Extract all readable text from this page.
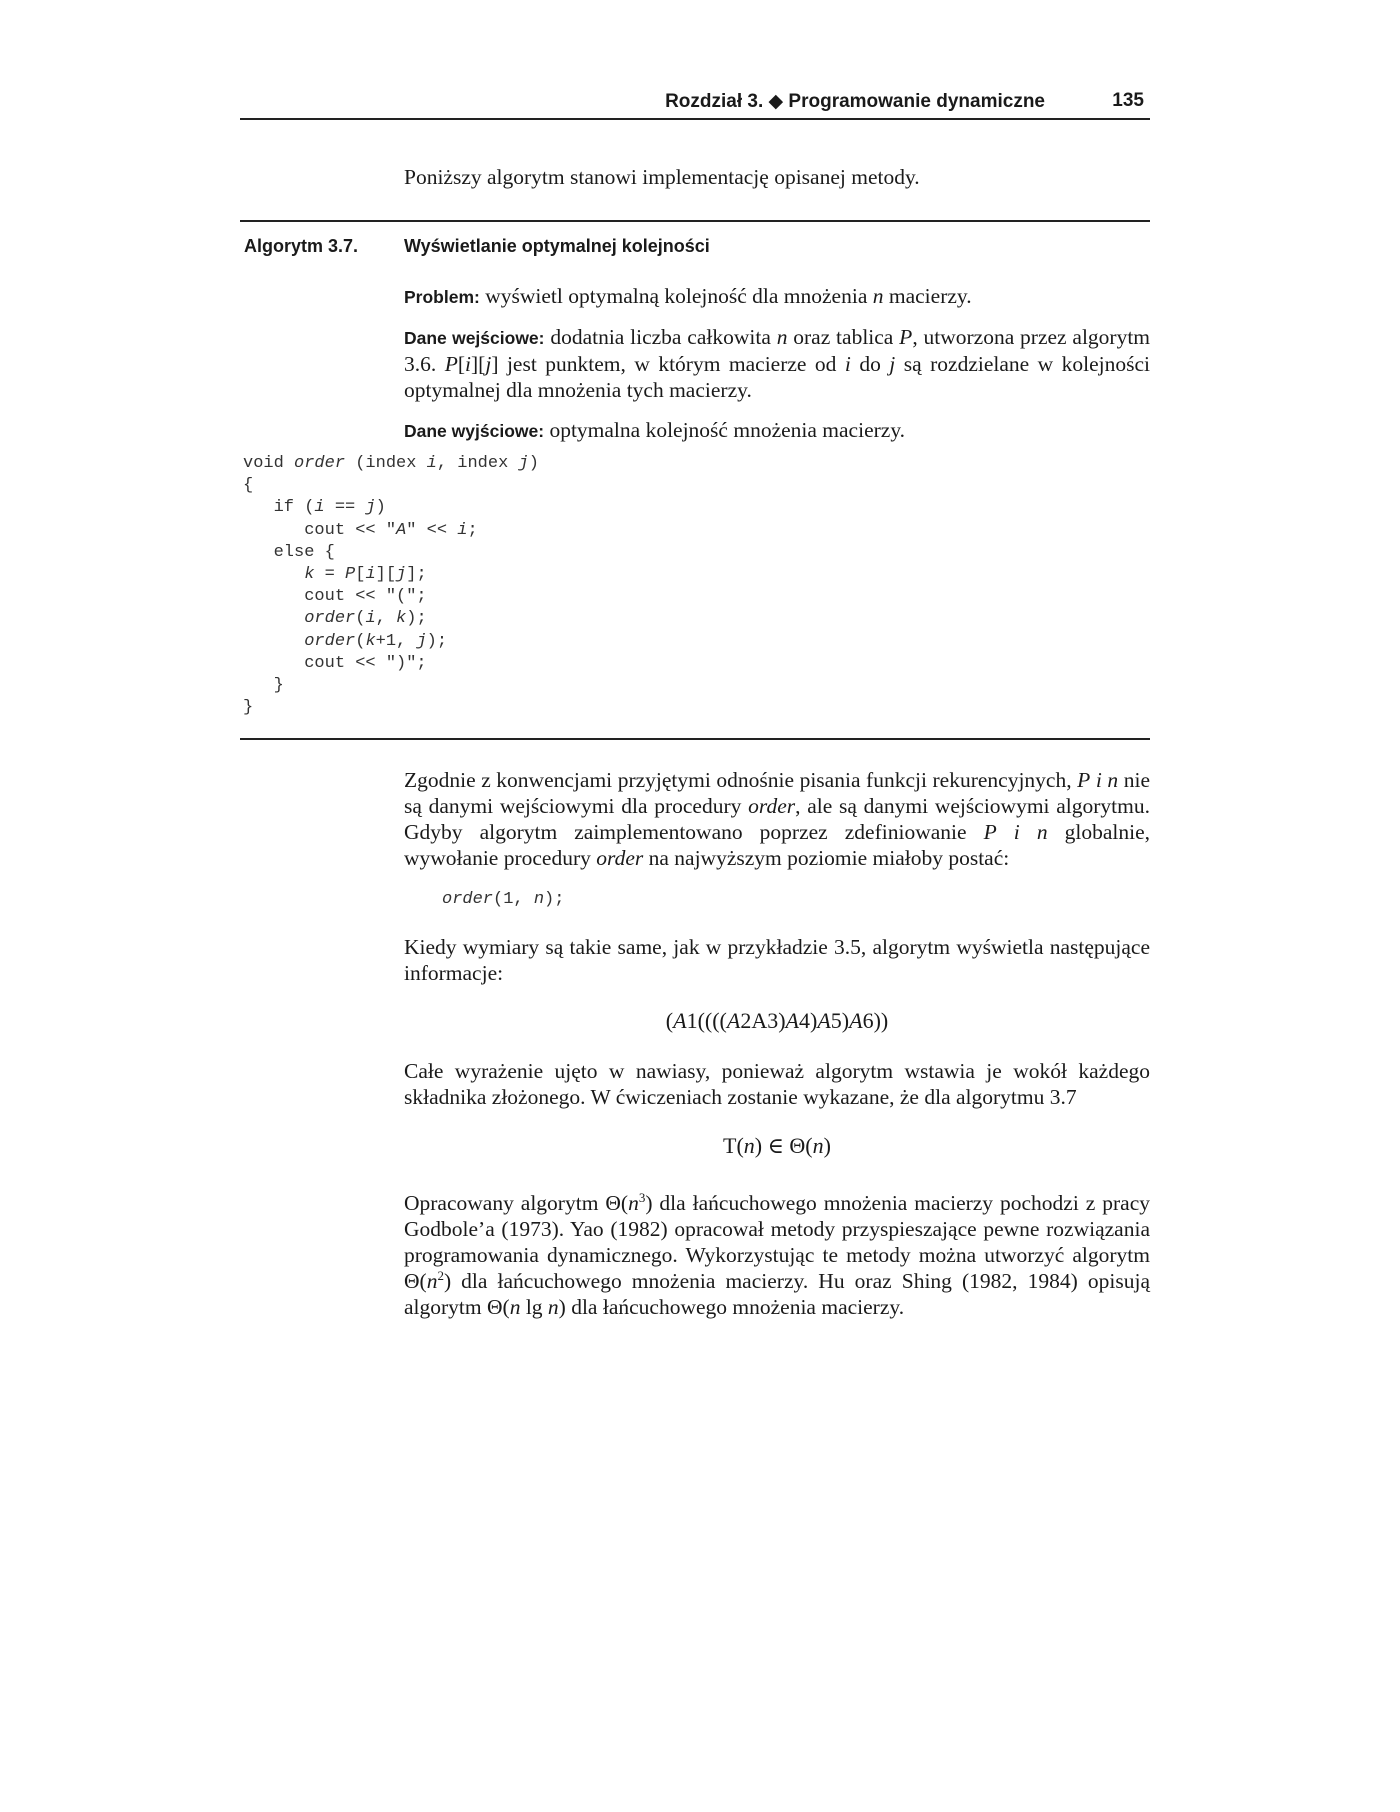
Rozdział 3. ◆ Programowanie dynamiczne	135

Poniższy algorytm stanowi implementację opisanej metody.

Algorytm 3.7.	Wyświetlanie optymalnej kolejności

Problem: wyświetl optymalną kolejność dla mnożenia n macierzy.

Dane wejściowe: dodatnia liczba całkowita n oraz tablica P, utworzona przez algorytm 3.6. P[i][j] jest punktem, w którym macierze od i do j są rozdzielane w kolejności optymalnej dla mnożenia tych macierzy.

Dane wyjściowe: optymalna kolejność mnożenia macierzy.

void order (index i, index j)
{
if (i == j)
cout << "A" << i;
else {
k = P[i][j];
cout << "(";
order(i, k);
order(k+1, j);
cout << ")";
}
}

Zgodnie z konwencjami przyjętymi odnośnie pisania funkcji rekurencyjnych, P i n nie są danymi wejściowymi dla procedury order, ale są danymi wejściowymi algorytmu. Gdyby algorytm zaimplementowano poprzez zdefiniowanie P i n globalnie, wywołanie procedury order na najwyższym poziomie miałoby postać:

order(1, n);

Kiedy wymiary są takie same, jak w przykładzie 3.5, algorytm wyświetla następujące informacje:

(A1((((A2A3)A4)A5)A6))

Całe wyrażenie ujęto w nawiasy, ponieważ algorytm wstawia je wokół każdego składnika złożonego. W ćwiczeniach zostanie wykazane, że dla algorytmu 3.7

T(n) ∈ Θ(n)

Opracowany algorytm $\Theta(n^3)$ dla łańcuchowego mnożenia macierzy pochodzi z pracy Godbole’a (1973). Yao (1982) opracował metody przyspieszające pewne rozwiązania programowania dynamicznego. Wykorzystując te metody można utworzyć algorytm $\Theta(n^2)$ dla łańcuchowego mnożenia macierzy. Hu oraz Shing (1982, 1984) opisują algorytm Θ(n lg n) dla łańcuchowego mnożenia macierzy.
